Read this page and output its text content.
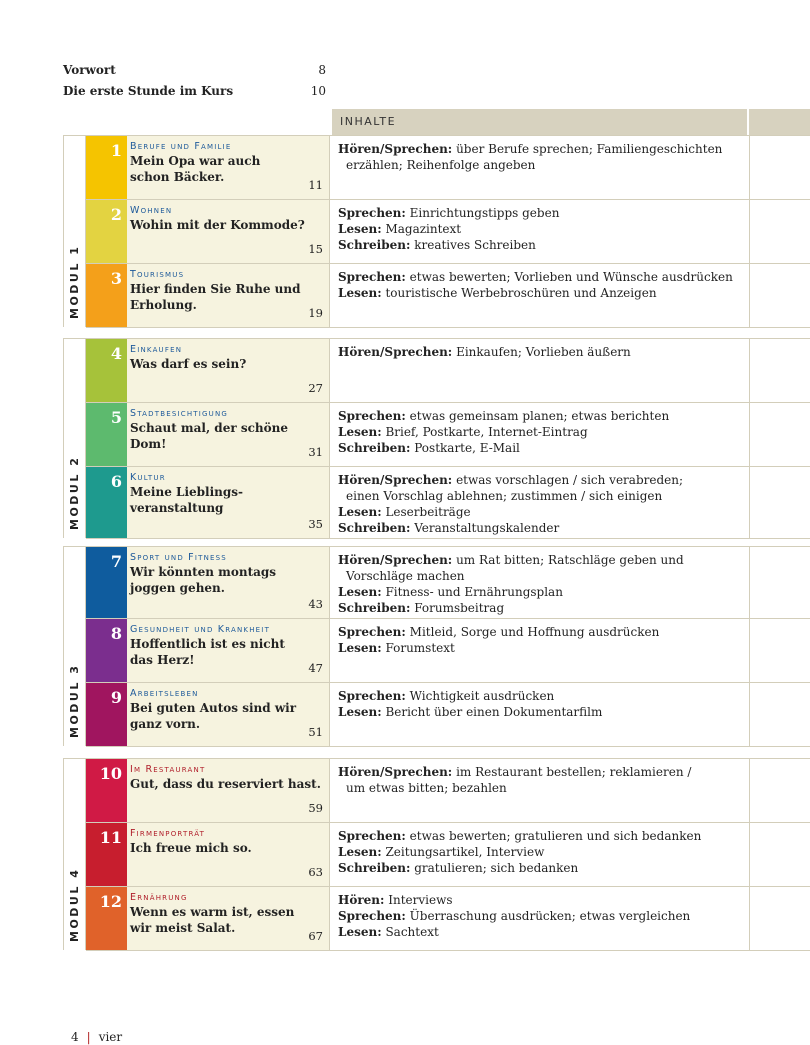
Vorwort	8
Die erste Stunde im Kurs	10
INHALTE
MODUL 1
1 Berufe und Familie
Mein Opa war auch
schon Bäcker.
11
Hören/Sprechen: über Berufe sprechen; Familiengeschichten
erzählen; Reihenfolge angeben
2 Wohnen
Wohin mit der Kommode?
15
Sprechen: Einrichtungstipps geben
Lesen: Magazintext
Schreiben: kreatives Schreiben
3 Tourismus
Hier finden Sie Ruhe und
Erholung.
19
Sprechen: etwas bewerten; Vorlieben und Wünsche ausdrücken
Lesen: touristische Werbebroschüren und Anzeigen
MODUL 2
4 Einkaufen
Was darf es sein?
27
Hören/Sprechen: Einkaufen; Vorlieben äußern
5 Stadtbesichtigung
Schaut mal, der schöne Dom!
31
Sprechen: etwas gemeinsam planen; etwas berichten
Lesen: Brief, Postkarte, Internet-Eintrag
Schreiben: Postkarte, E-Mail
6 Kultur
Meine Lieblings-
veranstaltung
35
Hören/Sprechen: etwas vorschlagen / sich verabreden;
einen Vorschlag ablehnen; zustimmen / sich einigen
Lesen: Leserbeiträge
Schreiben: Veranstaltungskalender
MODUL 3
7 Sport und Fitness
Wir könnten montags
joggen gehen.
43
Hören/Sprechen: um Rat bitten; Ratschläge geben und
Vorschläge machen
Lesen: Fitness- und Ernährungsplan
Schreiben: Forumsbeitrag
8 Gesundheit und Krankheit
Hoffentlich ist es nicht
das Herz!
47
Sprechen: Mitleid, Sorge und Hoffnung ausdrücken
Lesen: Forumstext
9 Arbeitsleben
Bei guten Autos sind wir
ganz vorn.
51
Sprechen: Wichtigkeit ausdrücken
Lesen: Bericht über einen Dokumentarfilm
MODUL 4
10 Im Restaurant
Gut, dass du reserviert hast.
59
Hören/Sprechen: im Restaurant bestellen; reklamieren /
um etwas bitten; bezahlen
11 Firmenporträt
Ich freue mich so.
63
Sprechen: etwas bewerten; gratulieren und sich bedanken
Lesen: Zeitungsartikel, Interview
Schreiben: gratulieren; sich bedanken
12 Ernährung
Wenn es warm ist, essen
wir meist Salat.
67
Hören: Interviews
Sprechen: Überraschung ausdrücken; etwas vergleichen
Lesen: Sachtext
4 | vier
